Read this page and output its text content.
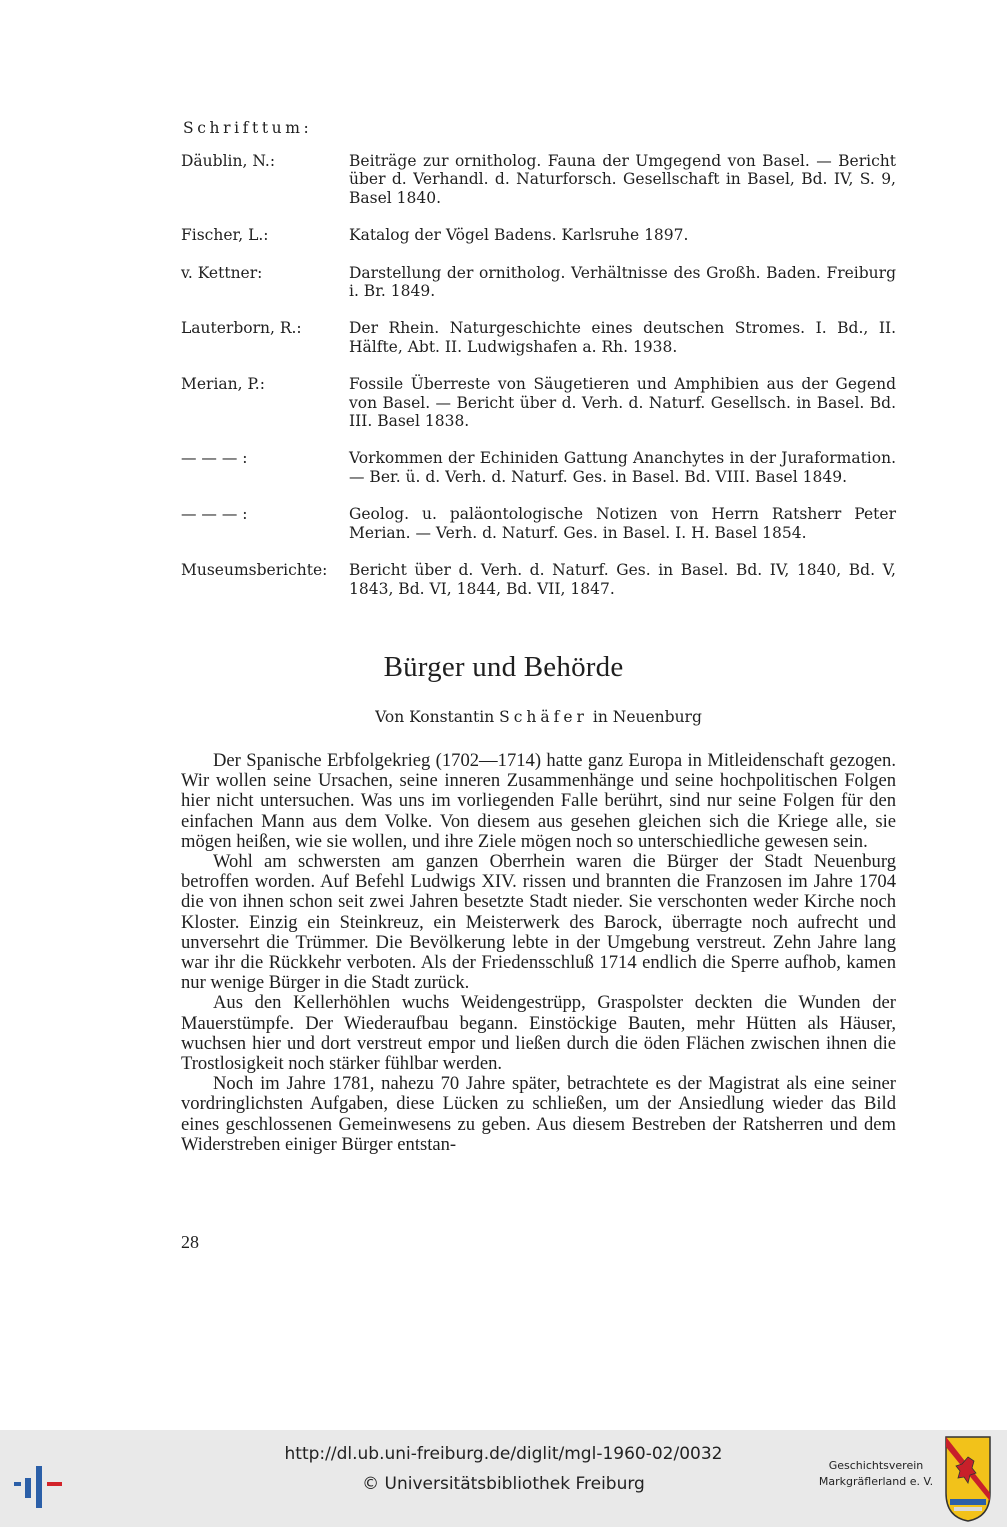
Schrifttum:
Däublin, N.:	Beiträge zur ornitholog. Fauna der Umgegend von Basel. — Bericht über d. Verhandl. d. Naturforsch. Gesellschaft in Basel, Bd. IV, S. 9, Basel 1840.
Fischer, L.:	Katalog der Vögel Badens. Karlsruhe 1897.
v. Kettner:	Darstellung der ornitholog. Verhältnisse des Großh. Baden. Freiburg i. Br. 1849.
Lauterborn, R.:	Der Rhein. Naturgeschichte eines deutschen Stromes. I. Bd., II. Hälfte, Abt. II. Ludwigshafen a. Rh. 1938.
Merian, P.:	Fossile Überreste von Säugetieren und Amphibien aus der Gegend von Basel. — Bericht über d. Verh. d. Naturf. Gesellsch. in Basel. Bd. III. Basel 1838.
— — — :	Vorkommen der Echiniden Gattung Ananchytes in der Juraformation. — Ber. ü. d. Verh. d. Naturf. Ges. in Basel. Bd. VIII. Basel 1849.
— — — :	Geolog. u. paläontologische Notizen von Herrn Ratsherr Peter Merian. — Verh. d. Naturf. Ges. in Basel. I. H. Basel 1854.
Museumsberichte:	Bericht über d. Verh. d. Naturf. Ges. in Basel. Bd. IV, 1840, Bd. V, 1843, Bd. VI, 1844, Bd. VII, 1847.
Bürger und Behörde
Von Konstantin Schäfer in Neuenburg

Der Spanische Erbfolgekrieg (1702—1714) hatte ganz Europa in Mitleidenschaft gezogen. Wir wollen seine Ursachen, seine inneren Zusammenhänge und seine hochpolitischen Folgen hier nicht untersuchen. Was uns im vorliegenden Falle berührt, sind nur seine Folgen für den einfachen Mann aus dem Volke. Von diesem aus gesehen gleichen sich die Kriege alle, sie mögen heißen, wie sie wollen, und ihre Ziele mögen noch so unterschiedliche gewesen sein.

Wohl am schwersten am ganzen Oberrhein waren die Bürger der Stadt Neuenburg betroffen worden. Auf Befehl Ludwigs XIV. rissen und brannten die Franzosen im Jahre 1704 die von ihnen schon seit zwei Jahren besetzte Stadt nieder. Sie verschonten weder Kirche noch Kloster. Einzig ein Steinkreuz, ein Meisterwerk des Barock, überragte noch aufrecht und unversehrt die Trümmer. Die Bevölkerung lebte in der Umgebung verstreut. Zehn Jahre lang war ihr die Rückkehr verboten. Als der Friedensschluß 1714 endlich die Sperre aufhob, kamen nur wenige Bürger in die Stadt zurück.

Aus den Kellerhöhlen wuchs Weidengestrüpp, Graspolster deckten die Wunden der Mauerstümpfe. Der Wiederaufbau begann. Einstöckige Bauten, mehr Hütten als Häuser, wuchsen hier und dort verstreut empor und ließen durch die öden Flächen zwischen ihnen die Trostlosigkeit noch stärker fühlbar werden.

Noch im Jahre 1781, nahezu 70 Jahre später, betrachtete es der Magistrat als eine seiner vordringlichsten Aufgaben, diese Lücken zu schließen, um der Ansiedlung wieder das Bild eines geschlossenen Gemeinwesens zu geben. Aus diesem Bestreben der Ratsherren und dem Widerstreben einiger Bürger entstan-

28
http://dl.ub.uni-freiburg.de/diglit/mgl-1960-02/0032
© Universitätsbibliothek Freiburg
Geschichtsverein
Markgräflerland e. V.
